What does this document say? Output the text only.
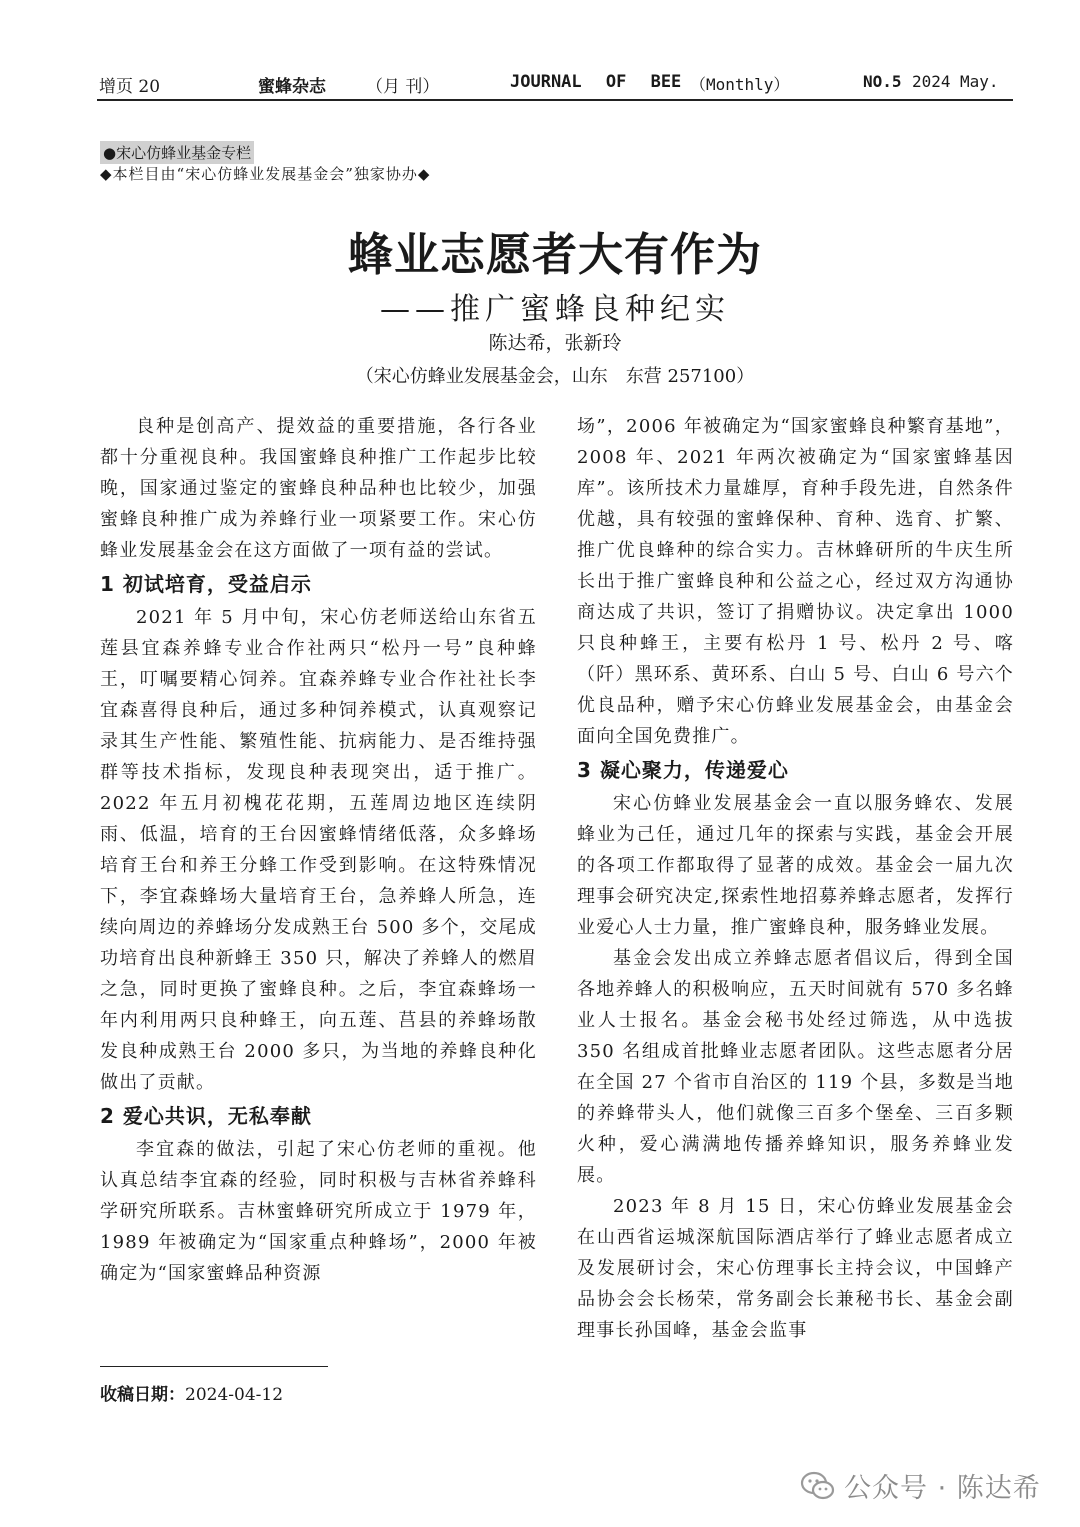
增页 20	蜜蜂杂志 （月 刊）	JOURNAL OF BEE （Monthly）	NO.5 2024 May.
●宋心仿蜂业基金专栏
◆本栏目由“宋心仿蜂业发展基金会”独家协办◆
蜂业志愿者大有作为
——推广蜜蜂良种纪实
陈达希，张新玲
（宋心仿蜂业发展基金会，山东　东营 257100）

良种是创高产、提效益的重要措施，各行各业都十分重视良种。我国蜜蜂良种推广工作起步比较晚，国家通过鉴定的蜜蜂良种品种也比较少，加强蜜蜂良种推广成为养蜂行业一项紧要工作。宋心仿蜂业发展基金会在这方面做了一项有益的尝试。

1 初试培育，受益启示

2021 年 5 月中旬，宋心仿老师送给山东省五莲县宜森养蜂专业合作社两只“松丹一号”良种蜂王，叮嘱要精心饲养。宜森养蜂专业合作社社长李宜森喜得良种后，通过多种饲养模式，认真观察记录其生产性能、繁殖性能、抗病能力、是否维持强群等技术指标，发现良种表现突出，适于推广。2022 年五月初槐花花期，五莲周边地区连续阴雨、低温，培育的王台因蜜蜂情绪低落，众多蜂场培育王台和养王分蜂工作受到影响。在这特殊情况下，李宜森蜂场大量培育王台，急养蜂人所急，连续向周边的养蜂场分发成熟王台 500 多个，交尾成功培育出良种新蜂王 350 只，解决了养蜂人的燃眉之急，同时更换了蜜蜂良种。之后，李宜森蜂场一年内利用两只良种蜂王，向五莲、莒县的养蜂场散发良种成熟王台 2000 多只，为当地的养蜂良种化做出了贡献。

2 爱心共识，无私奉献

李宜森的做法，引起了宋心仿老师的重视。他认真总结李宜森的经验，同时积极与吉林省养蜂科学研究所联系。吉林蜜蜂研究所成立于 1979 年，1989 年被确定为“国家重点种蜂场”，2000 年被确定为“国家蜜蜂品种资源

场”，2006 年被确定为“国家蜜蜂良种繁育基地”，2008 年、2021 年两次被确定为“国家蜜蜂基因库”。该所技术力量雄厚，育种手段先进，自然条件优越，具有较强的蜜蜂保种、育种、选育、扩繁、推广优良蜂种的综合实力。吉林蜂研所的牛庆生所长出于推广蜜蜂良种和公益之心，经过双方沟通协商达成了共识，签订了捐赠协议。决定拿出 1000 只良种蜂王，主要有松丹 1 号、松丹 2 号、喀（阡）黑环系、黄环系、白山 5 号、白山 6 号六个优良品种，赠予宋心仿蜂业发展基金会，由基金会面向全国免费推广。

3 凝心聚力，传递爱心

宋心仿蜂业发展基金会一直以服务蜂农、发展蜂业为己任，通过几年的探索与实践，基金会开展的各项工作都取得了显著的成效。基金会一届九次理事会研究决定,探索性地招募养蜂志愿者，发挥行业爱心人士力量，推广蜜蜂良种，服务蜂业发展。

基金会发出成立养蜂志愿者倡议后，得到全国各地养蜂人的积极响应，五天时间就有 570 多名蜂业人士报名。基金会秘书处经过筛选，从中选拔 350 名组成首批蜂业志愿者团队。这些志愿者分居在全国 27 个省市自治区的 119 个县，多数是当地的养蜂带头人，他们就像三百多个堡垒、三百多颗火种，爱心满满地传播养蜂知识，服务养蜂业发展。

2023 年 8 月 15 日，宋心仿蜂业发展基金会在山西省运城深航国际酒店举行了蜂业志愿者成立及发展研讨会，宋心仿理事长主持会议，中国蜂产品协会会长杨荣，常务副会长兼秘书长、基金会副理事长孙国峰，基金会监事

收稿日期：2024-04-12
公众号 · 陈达希
